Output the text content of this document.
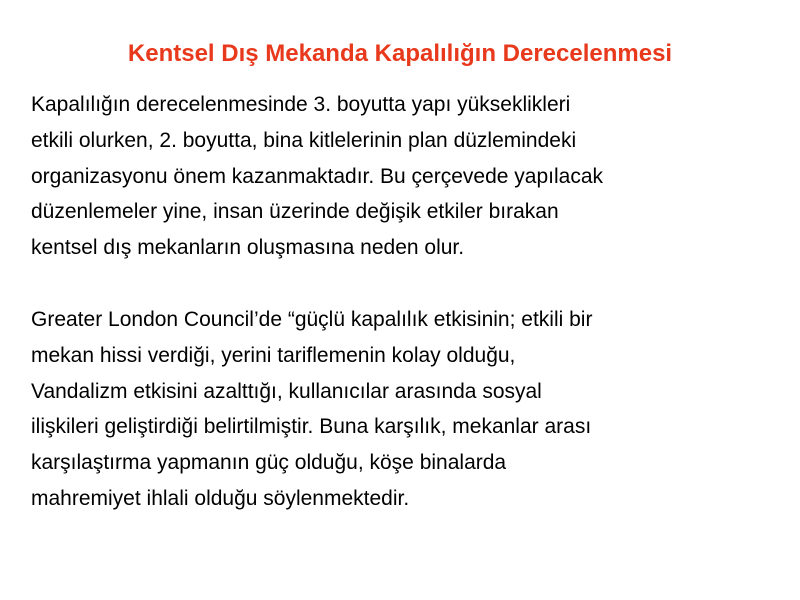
Kentsel Dış Mekanda Kapalılığın Derecelenmesi
Kapalılığın derecelenmesinde 3. boyutta yapı yükseklikleri
etkili olurken, 2. boyutta, bina kitlelerinin plan düzlemindeki
organizasyonu önem kazanmaktadır. Bu çerçevede yapılacak
düzenlemeler yine, insan üzerinde değişik etkiler bırakan
kentsel dış mekanların oluşmasına neden olur.
Greater London Council’de “güçlü kapalılık etkisinin; etkili bir
mekan hissi verdiği, yerini tariflemenin kolay olduğu,
Vandalizm etkisini azalttığı, kullanıcılar arasında sosyal
ilişkileri geliştirdiği belirtilmiştir. Buna karşılık, mekanlar arası
karşılaştırma yapmanın güç olduğu, köşe binalarda
mahremiyet ihlali olduğu söylenmektedir.
